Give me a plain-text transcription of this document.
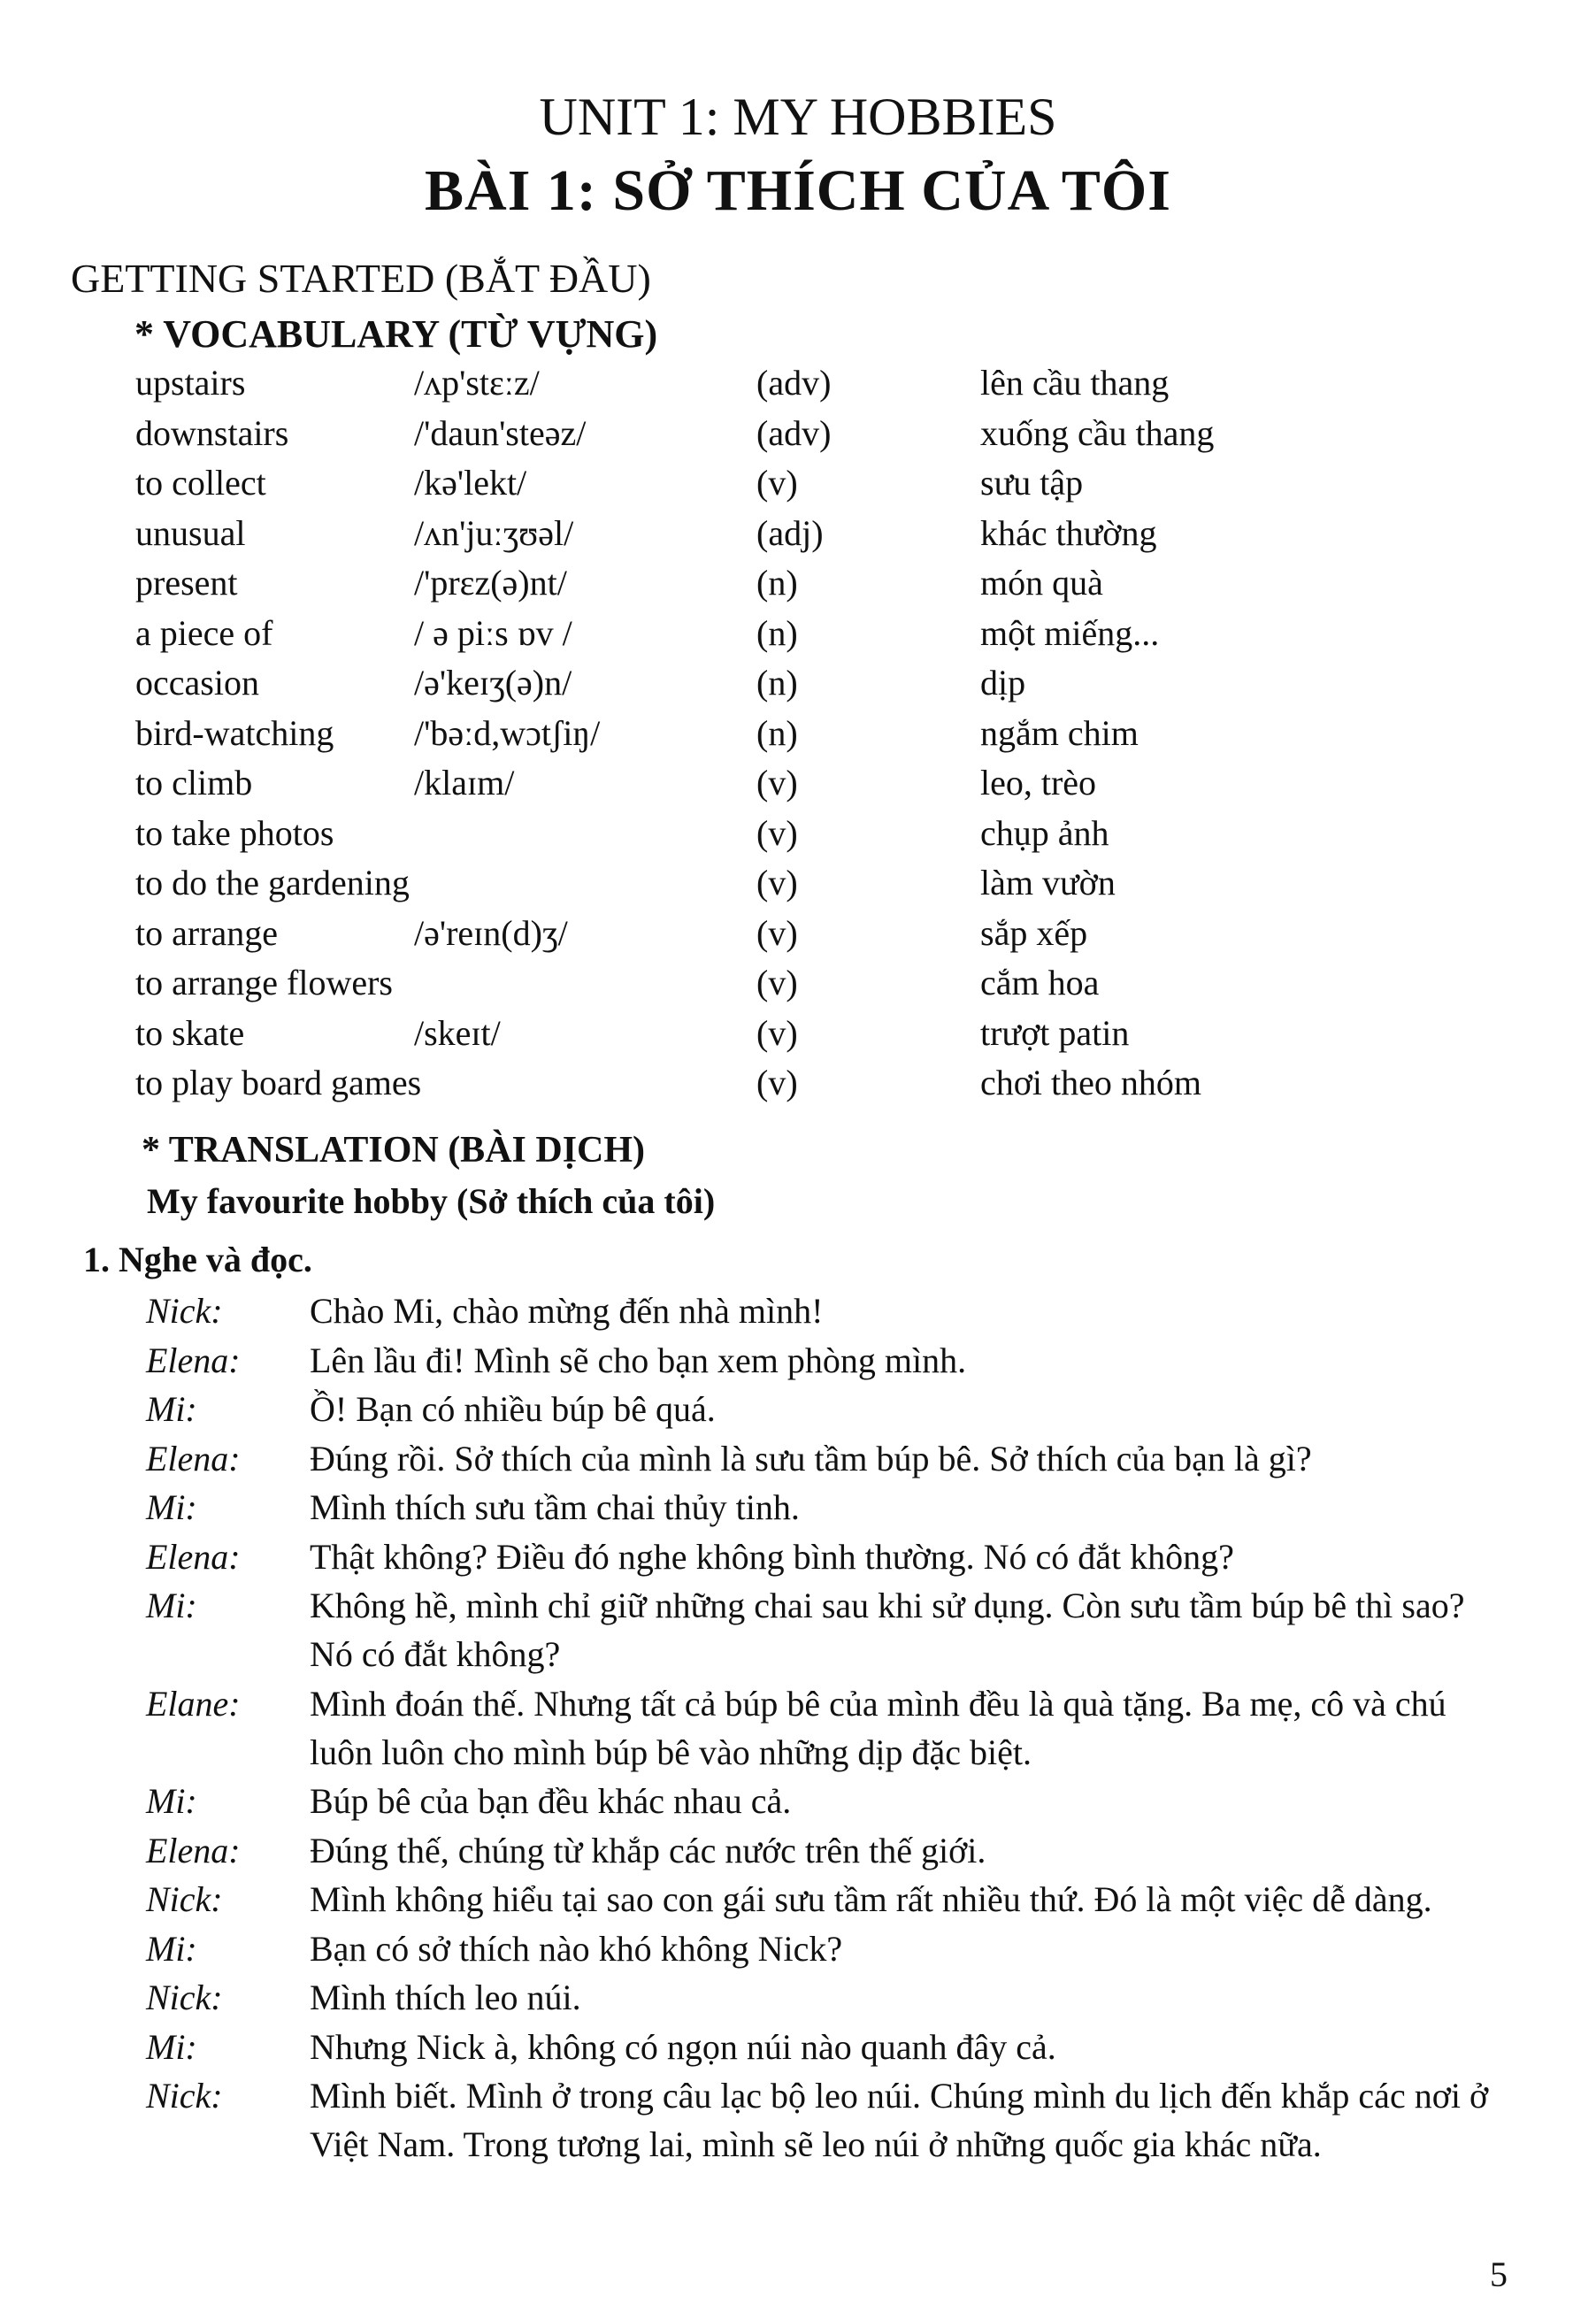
UNIT 1: MY HOBBIES
BÀI 1: SỞ THÍCH CỦA TÔI
GETTING STARTED (BẮT ĐẦU)
* VOCABULARY (TỪ VỰNG)
upstairs	/ʌp'stɛːz/	(adv)	lên cầu thang
downstairs	/'daun'steəz/	(adv)	xuống cầu thang
to collect	/kə'lekt/	(v)	sưu tập
unusual	/ʌn'juːʒʊəl/	(adj)	khác thường
present	/'prɛz(ə)nt/	(n)	món quà
a piece of	/ ə piːs ɒv /	(n)	một miếng...
occasion	/ə'keɪʒ(ə)n/	(n)	dịp
bird-watching /'bəːd,wɔtʃiŋ/	(n)	ngắm chim
to climb	/klaɪm/	(v)	leo, trèo
to take photos	(v)	chụp ảnh
to do the gardening	(v)	làm vườn
to arrange	/ə'reɪn(d)ʒ/	(v)	sắp xếp
to arrange flowers	(v)	cắm hoa
to skate	/skeɪt/	(v)	trượt patin
to play board games	(v)	chơi theo nhóm
* TRANSLATION (BÀI DỊCH)
My favourite hobby (Sở thích của tôi)
1. Nghe và đọc.
Nick: Chào Mi, chào mừng đến nhà mình!
Elena: Lên lầu đi! Mình sẽ cho bạn xem phòng mình.
Mi:	Ồ! Bạn có nhiều búp bê quá.
Elena: Đúng rồi. Sở thích của mình là sưu tầm búp bê. Sở thích của bạn là gì?
Mi:	Mình thích sưu tầm chai thủy tinh.
Elena: Thật không? Điều đó nghe không bình thường. Nó có đắt không?
Mi:	Không hề, mình chỉ giữ những chai sau khi sử dụng. Còn sưu tầm búp bê thì sao? Nó có đắt không?
Elane: Mình đoán thế. Nhưng tất cả búp bê của mình đều là quà tặng. Ba mẹ, cô và chú luôn luôn cho mình búp bê vào những dịp đặc biệt.
Mi:	Búp bê của bạn đều khác nhau cả.
Elena: Đúng thế, chúng từ khắp các nước trên thế giới.
Nick: Mình không hiểu tại sao con gái sưu tầm rất nhiều thứ. Đó là một việc dễ dàng.
Mi:	Bạn có sở thích nào khó không Nick?
Nick: Mình thích leo núi.
Mi:	Nhưng Nick à, không có ngọn núi nào quanh đây cả.
Nick: Mình biết. Mình ở trong câu lạc bộ leo núi. Chúng mình du lịch đến khắp các nơi ở Việt Nam. Trong tương lai, mình sẽ leo núi ở những quốc gia khác nữa.
5
